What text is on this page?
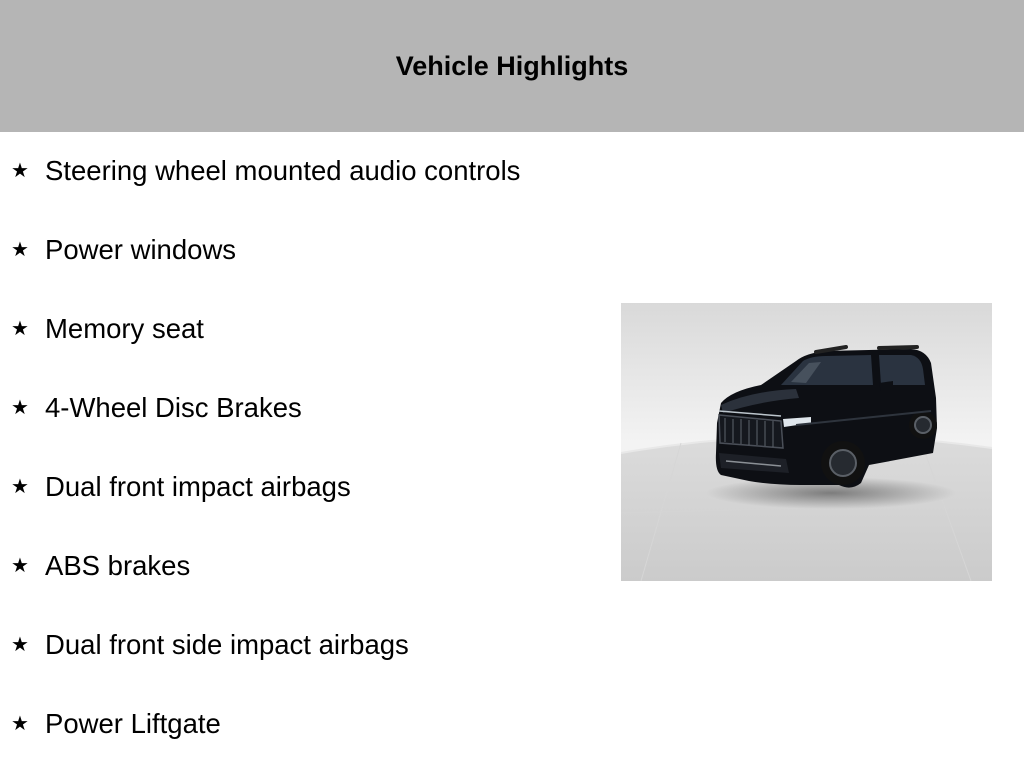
Vehicle Highlights
★ Steering wheel mounted audio controls
★ Power windows
★ Memory seat
★ 4-Wheel Disc Brakes
★ Dual front impact airbags
★ ABS brakes
★ Dual front side impact airbags
★ Power Liftgate
